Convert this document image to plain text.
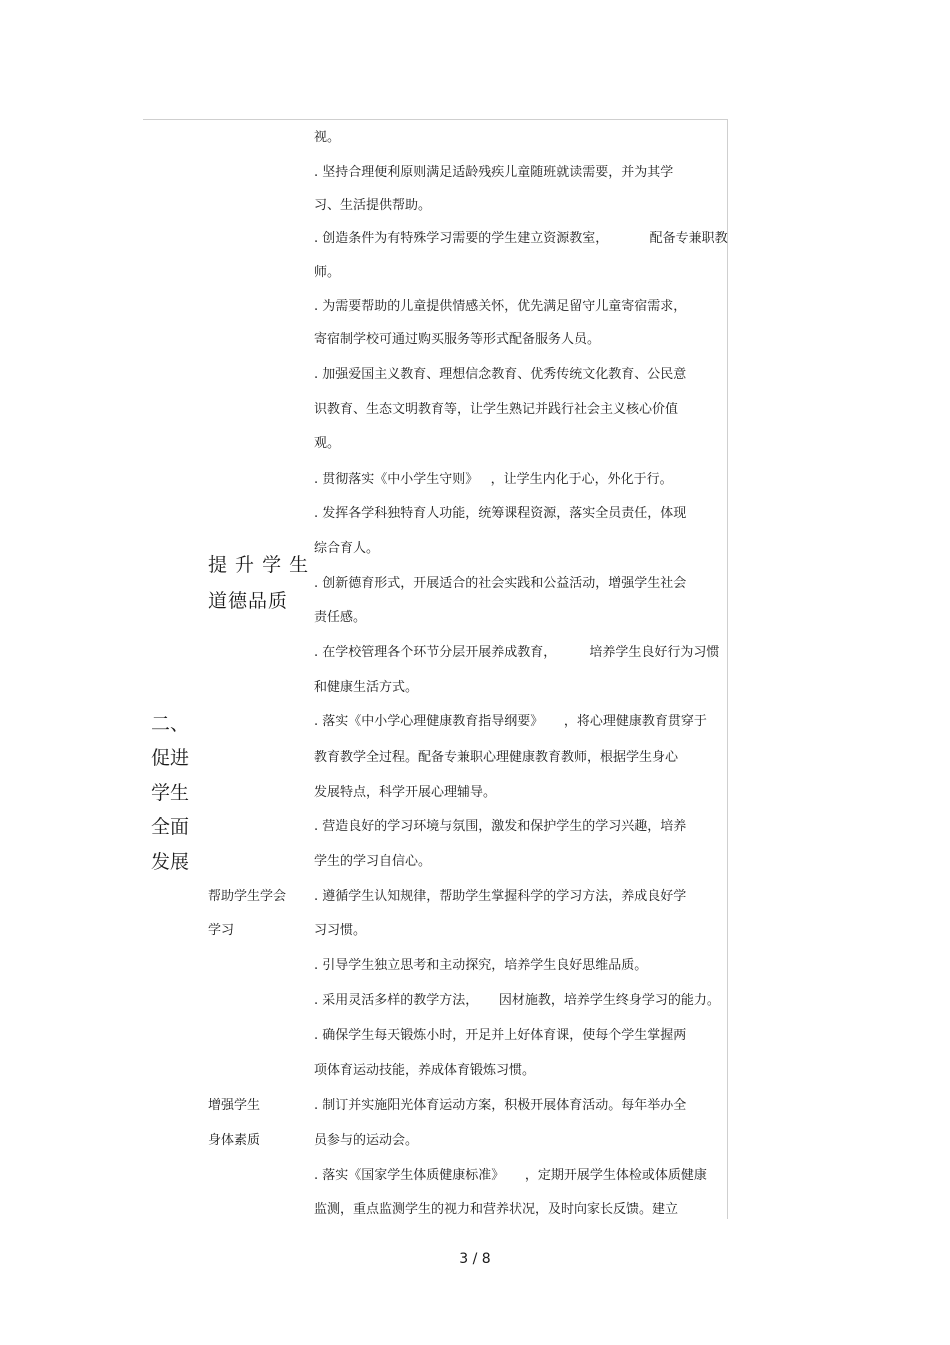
二、
促进
学生
全面
发展
提 升 学 生
道德品质
帮助学生学会
学习
增强学生
身体素质
视。
. 坚持合理便利原则满足适龄残疾儿童随班就读需要，并为其学
习、生活提供帮助。
. 创造条件为有特殊学习需要的学生建立资源教室，          配备专兼职教
师。
. 为需要帮助的儿童提供情感关怀，优先满足留守儿童寄宿需求，
寄宿制学校可通过购买服务等形式配备服务人员。
. 加强爱国主义教育、理想信念教育、优秀传统文化教育、公民意
识教育、生态文明教育等，让学生熟记并践行社会主义核心价值
观。
. 贯彻落实《中小学生守则》   ，让学生内化于心，外化于行。
. 发挥各学科独特育人功能，统筹课程资源，落实全员责任，体现
综合育人。
. 创新德育形式，开展适合的社会实践和公益活动，增强学生社会
责任感。
. 在学校管理各个环节分层开展养成教育，        培养学生良好行为习惯
和健康生活方式。
. 落实《中小学心理健康教育指导纲要》     ，将心理健康教育贯穿于
教育教学全过程。配备专兼职心理健康教育教师，根据学生身心
发展特点，科学开展心理辅导。
. 营造良好的学习环境与氛围，激发和保护学生的学习兴趣，培养
学生的学习自信心。
. 遵循学生认知规律，帮助学生掌握科学的学习方法，养成良好学
习习惯。
. 引导学生独立思考和主动探究，培养学生良好思维品质。
. 采用灵活多样的教学方法，     因材施教，培养学生终身学习的能力。
. 确保学生每天锻炼小时，开足并上好体育课，使每个学生掌握两
项体育运动技能，养成体育锻炼习惯。
. 制订并实施阳光体育运动方案，积极开展体育活动。每年举办全
员参与的运动会。
. 落实《国家学生体质健康标准》     ，定期开展学生体检或体质健康
监测，重点监测学生的视力和营养状况，及时向家长反馈。建立
3 / 8
